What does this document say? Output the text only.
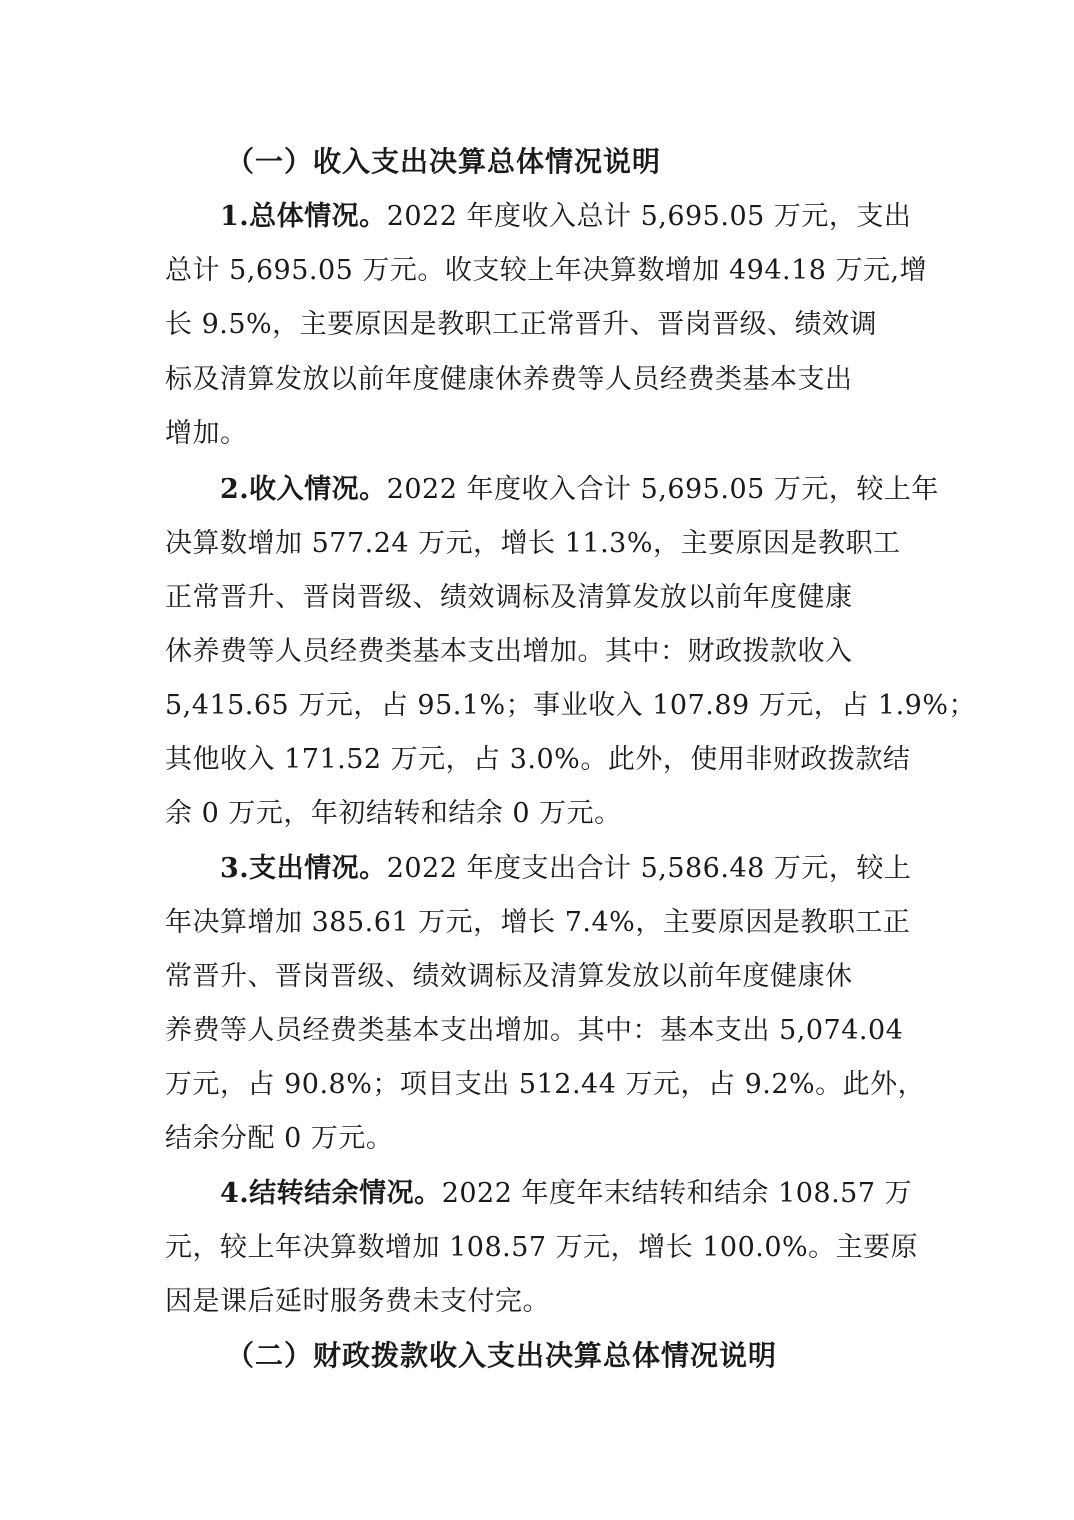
（一）收入支出决算总体情况说明
1.总体情况。2022 年度收入总计 5,695.05 万元，支出
总计 5,695.05 万元。收支较上年决算数增加 494.18 万元,增
长 9.5%，主要原因是教职工正常晋升、晋岗晋级、绩效调
标及清算发放以前年度健康休养费等人员经费类基本支出
增加。
2.收入情况。2022 年度收入合计 5,695.05 万元，较上年
决算数增加 577.24 万元，增长 11.3%，主要原因是教职工
正常晋升、晋岗晋级、绩效调标及清算发放以前年度健康
休养费等人员经费类基本支出增加。其中：财政拨款收入
5,415.65 万元，占 95.1%；事业收入 107.89 万元，占 1.9%；
其他收入 171.52 万元，占 3.0%。此外，使用非财政拨款结
余 0 万元，年初结转和结余 0 万元。
3.支出情况。2022 年度支出合计 5,586.48 万元，较上
年决算增加 385.61 万元，增长 7.4%，主要原因是教职工正
常晋升、晋岗晋级、绩效调标及清算发放以前年度健康休
养费等人员经费类基本支出增加。其中：基本支出 5,074.04
万元，占 90.8%；项目支出 512.44 万元，占 9.2%。此外，
结余分配 0 万元。
4.结转结余情况。2022 年度年末结转和结余 108.57 万
元，较上年决算数增加 108.57 万元，增长 100.0%。主要原
因是课后延时服务费未支付完。
（二）财政拨款收入支出决算总体情况说明
